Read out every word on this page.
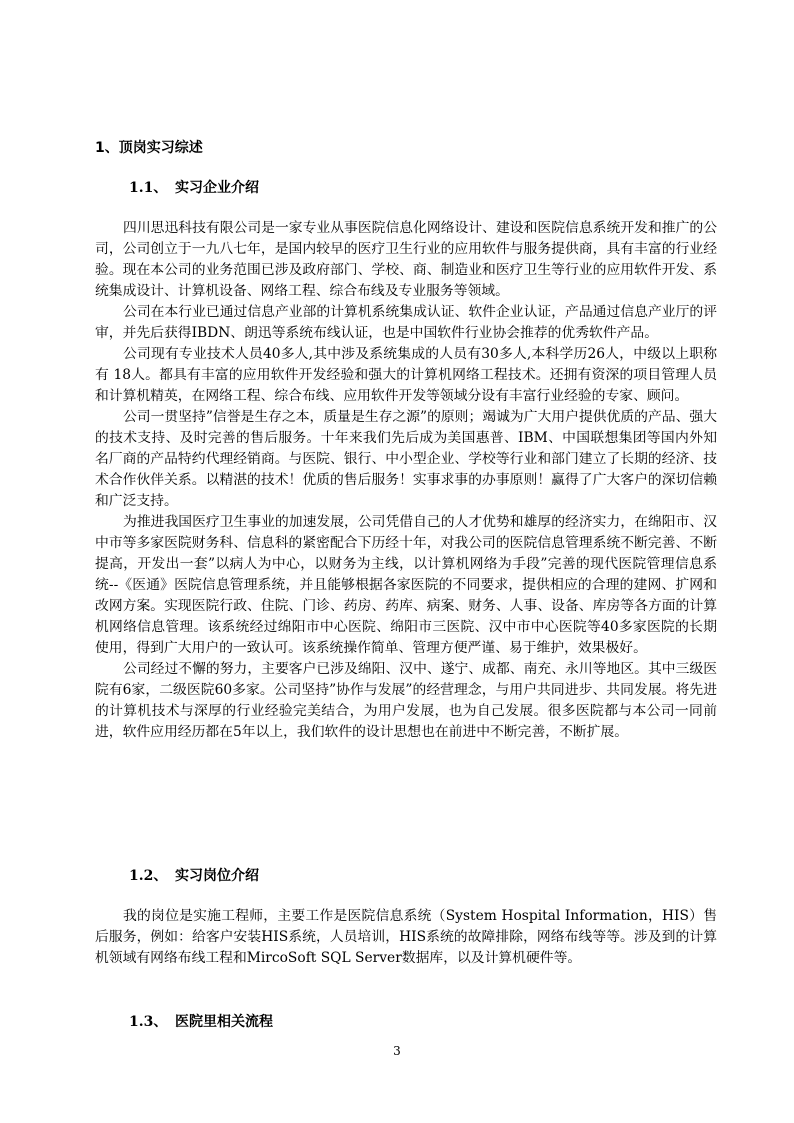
1、顶岗实习综述
1.1、 实习企业介绍

四川思迅科技有限公司是一家专业从事医院信息化网络设计、建设和医院信息系统开发和推广的公司，公司创立于一九八七年，是国内较早的医疗卫生行业的应用软件与服务提供商，具有丰富的行业经验。现在本公司的业务范围已涉及政府部门、学校、商、制造业和医疗卫生等行业的应用软件开发、系统集成设计、计算机设备、网络工程、综合布线及专业服务等领域。

公司在本行业已通过信息产业部的计算机系统集成认证、软件企业认证，产品通过信息产业厅的评审，并先后获得IBDN、朗迅等系统布线认证，也是中国软件行业协会推荐的优秀软件产品。

公司现有专业技术人员40多人,其中涉及系统集成的人员有30多人,本科学历26人，中级以上职称有 18人。都具有丰富的应用软件开发经验和强大的计算机网络工程技术。还拥有资深的项目管理人员和计算机精英，在网络工程、综合布线、应用软件开发等领域分设有丰富行业经验的专家、顾问。

公司一贯坚持”信誉是生存之本，质量是生存之源”的原则；竭诚为广大用户提供优质的产品、强大的技术支持、及时完善的售后服务。十年来我们先后成为美国惠普、IBM、中国联想集团等国内外知名厂商的产品特约代理经销商。与医院、银行、中小型企业、学校等行业和部门建立了长期的经济、技术合作伙伴关系。以精湛的技术！优质的售后服务！实事求事的办事原则！赢得了广大客户的深切信赖和广泛支持。

为推进我国医疗卫生事业的加速发展，公司凭借自己的人才优势和雄厚的经济实力，在绵阳市、汉中市等多家医院财务科、信息科的紧密配合下历经十年，对我公司的医院信息管理系统不断完善、不断提高，开发出一套”以病人为中心，以财务为主线，以计算机网络为手段”完善的现代医院管理信息系统--《医通》医院信息管理系统，并且能够根据各家医院的不同要求，提供相应的合理的建网、扩网和改网方案。实现医院行政、住院、门诊、药房、药库、病案、财务、人事、设备、库房等各方面的计算机网络信息管理。该系统经过绵阳市中心医院、绵阳市三医院、汉中市中心医院等40多家医院的长期使用，得到广大用户的一致认可。该系统操作简单、管理方便严谨、易于维护，效果极好。

公司经过不懈的努力，主要客户已涉及绵阳、汉中、遂宁、成都、南充、永川等地区。其中三级医院有6家，二级医院60多家。公司坚持”协作与发展”的经营理念，与用户共同进步、共同发展。将先进的计算机技术与深厚的行业经验完美结合，为用户发展，也为自己发展。很多医院都与本公司一同前进，软件应用经历都在5年以上，我们软件的设计思想也在前进中不断完善，不断扩展。

1.2、 实习岗位介绍

我的岗位是实施工程师，主要工作是医院信息系统（System Hospital Information，HIS）售后服务，例如：给客户安装HIS系统，人员培训，HIS系统的故障排除，网络布线等等。涉及到的计算机领域有网络布线工程和MircoSoft SQL Server数据库，以及计算机硬件等。

1.3、 医院里相关流程
3
